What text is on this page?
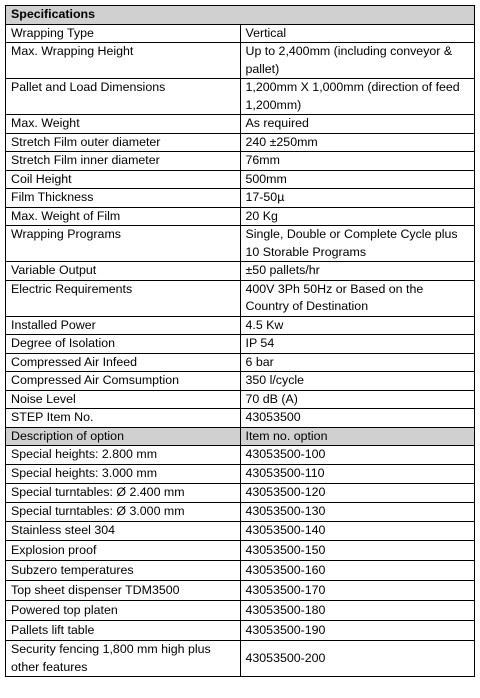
Specifications	
Wrapping Type	Vertical
Max. Wrapping Height	Up to 2,400mm (including conveyor & pallet)
Pallet and Load Dimensions	1,200mm X 1,000mm (direction of feed 1,200mm)
Max. Weight	As required
Stretch Film outer diameter	240 ±250mm
Stretch Film inner diameter	76mm
Coil Height	500mm
Film Thickness	17-50µ
Max. Weight of Film	20 Kg
Wrapping Programs	Single, Double or Complete Cycle plus 10 Storable Programs
Variable Output	±50 pallets/hr
Electric Requirements	400V 3Ph 50Hz or Based on the Country of Destination
Installed Power	4.5 Kw
Degree of Isolation	IP 54
Compressed Air Infeed	6 bar
Compressed Air Comsumption	350 l/cycle
Noise Level	70 dB (A)
STEP Item No.	43053500
Description of option	Item no. option
Special heights: 2.800 mm	43053500-100
Special heights: 3.000 mm	43053500-110
Special turntables: Ø 2.400 mm	43053500-120
Special turntables: Ø 3.000 mm	43053500-130
Stainless steel 304	43053500-140
Explosion proof	43053500-150
Subzero temperatures	43053500-160
Top sheet dispenser TDM3500	43053500-170
Powered top platen	43053500-180
Pallets lift table	43053500-190
Security fencing 1,800 mm high plus other features	43053500-200
